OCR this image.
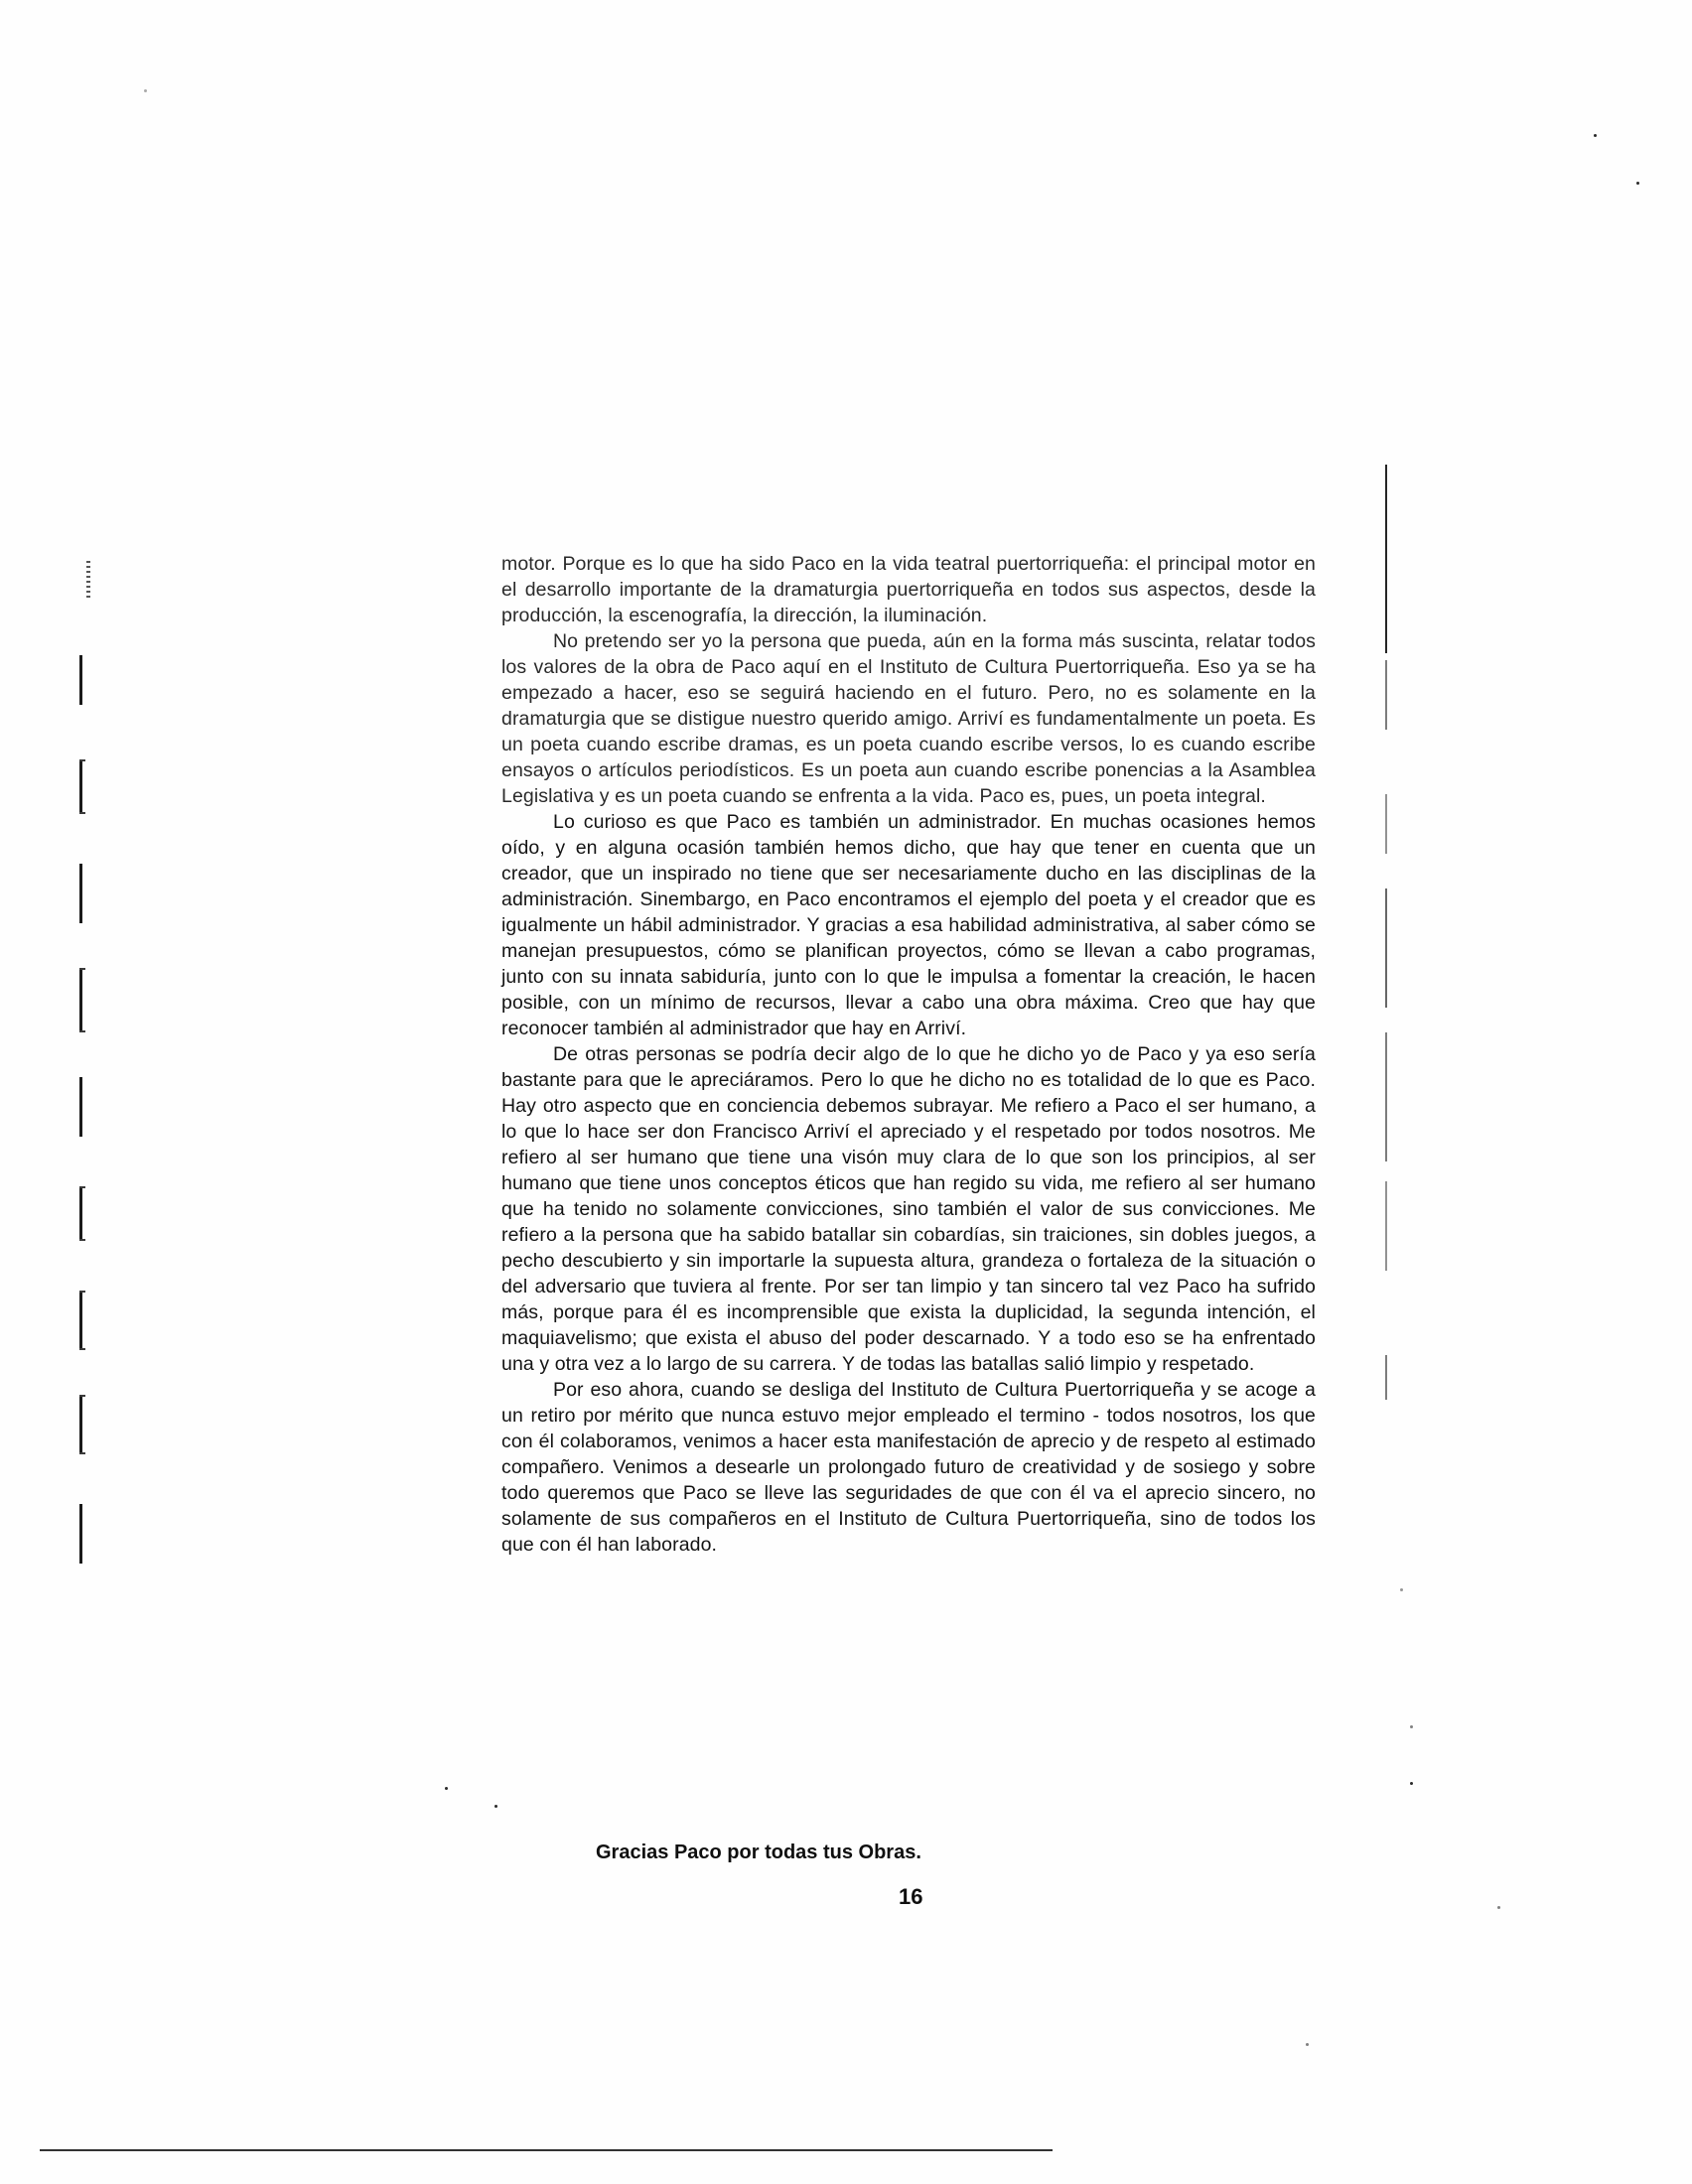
motor. Porque es lo que ha sido Paco en la vida teatral puertorriqueña: el principal motor en el desarrollo importante de la dramaturgia puertorriqueña en todos sus aspectos, desde la producción, la escenografía, la dirección, la iluminación.

No pretendo ser yo la persona que pueda, aún en la forma más suscinta, relatar todos los valores de la obra de Paco aquí en el Instituto de Cultura Puertorriqueña. Eso ya se ha empezado a hacer, eso se seguirá haciendo en el futuro. Pero, no es solamente en la dramaturgia que se distigue nuestro querido amigo. Arriví es fundamentalmente un poeta. Es un poeta cuando escribe dramas, es un poeta cuando escribe versos, lo es cuando escribe ensayos o artículos periodísticos. Es un poeta aun cuando escribe ponencias a la Asamblea Legislativa y es un poeta cuando se enfrenta a la vida. Paco es, pues, un poeta integral.

Lo curioso es que Paco es también un administrador. En muchas ocasiones hemos oído, y en alguna ocasión también hemos dicho, que hay que tener en cuenta que un creador, que un inspirado no tiene que ser necesariamente ducho en las disciplinas de la administración. Sinembargo, en Paco encontramos el ejemplo del poeta y el creador que es igualmente un hábil administrador. Y gracias a esa habilidad administrativa, al saber cómo se manejan presupuestos, cómo se planifican proyectos, cómo se llevan a cabo programas, junto con su innata sabiduría, junto con lo que le impulsa a fomentar la creación, le hacen posible, con un mínimo de recursos, llevar a cabo una obra máxima. Creo que hay que reconocer también al administrador que hay en Arriví.

De otras personas se podría decir algo de lo que he dicho yo de Paco y ya eso sería bastante para que le apreciáramos. Pero lo que he dicho no es totalidad de lo que es Paco. Hay otro aspecto que en conciencia debemos subrayar. Me refiero a Paco el ser humano, a lo que lo hace ser don Francisco Arriví el apreciado y el respetado por todos nosotros. Me refiero al ser humano que tiene una visón muy clara de lo que son los principios, al ser humano que tiene unos conceptos éticos que han regido su vida, me refiero al ser humano que ha tenido no solamente convicciones, sino también el valor de sus convicciones. Me refiero a la persona que ha sabido batallar sin cobardías, sin traiciones, sin dobles juegos, a pecho descubierto y sin importarle la supuesta altura, grandeza o fortaleza de la situación o del adversario que tuviera al frente. Por ser tan limpio y tan sincero tal vez Paco ha sufrido más, porque para él es incomprensible que exista la duplicidad, la segunda intención, el maquiavelismo; que exista el abuso del poder descarnado. Y a todo eso se ha enfrentado una y otra vez a lo largo de su carrera. Y de todas las batallas salió limpio y respetado.

Por eso ahora, cuando se desliga del Instituto de Cultura Puertorriqueña y se acoge a un retiro por mérito que nunca estuvo mejor empleado el termino - todos nosotros, los que con él colaboramos, venimos a hacer esta manifestación de aprecio y de respeto al estimado compañero. Venimos a desearle un prolongado futuro de creatividad y de sosiego y sobre todo queremos que Paco se lleve las seguridades de que con él va el aprecio sincero, no solamente de sus compañeros en el Instituto de Cultura Puertorriqueña, sino de todos los que con él han laborado.

Gracias Paco por todas tus Obras.
16
